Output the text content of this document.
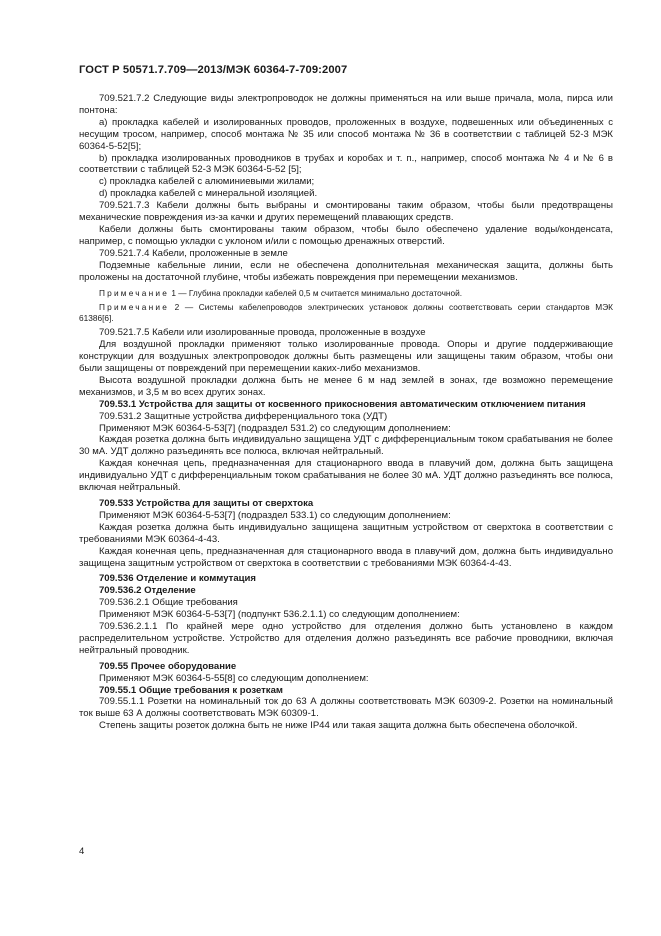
ГОСТ Р 50571.7.709—2013/МЭК 60364-7-709:2007

709.521.7.2 Следующие виды электропроводок не должны применяться на или выше причала, мола, пирса или понтона:

а) прокладка кабелей и изолированных проводов, проложенных в воздухе, подвешенных или объединенных с несущим тросом, например, способ монтажа № 35 или способ монтажа № 36 в соответствии с таблицей 52-3 МЭК 60364-5-52[5];

b) прокладка изолированных проводников в трубах и коробах и т. п., например, способ монтажа № 4 и № 6 в соответствии с таблицей 52-3 МЭК 60364-5-52 [5];

с) прокладка кабелей с алюминиевыми жилами;

d) прокладка кабелей с минеральной изоляцией.

709.521.7.3 Кабели должны быть выбраны и смонтированы таким образом, чтобы были предотвращены механические повреждения из-за качки и других перемещений плавающих средств.

Кабели должны быть смонтированы таким образом, чтобы было обеспечено удаление воды/конденсата, например, с помощью укладки с уклоном и/или с помощью дренажных отверстий.

709.521.7.4 Кабели, проложенные в земле

Подземные кабельные линии, если не обеспечена дополнительная механическая защита, должны быть проложены на достаточной глубине, чтобы избежать повреждения при перемещении механизмов.

Примечание 1 — Глубина прокладки кабелей 0,5 м считается минимально достаточной.

Примечание 2 — Системы кабелепроводов электрических установок должны соответствовать серии стандартов МЭК 61386[6].

709.521.7.5 Кабели или изолированные провода, проложенные в воздухе

Для воздушной прокладки применяют только изолированные провода. Опоры и другие поддерживающие конструкции для воздушных электропроводок должны быть размещены или защищены таким образом, чтобы они были защищены от повреждений при перемещении каких-либо механизмов.

Высота воздушной прокладки должна быть не менее 6 м над землей в зонах, где возможно перемещение механизмов, и 3,5 м во всех других зонах.

709.53.1 Устройства для защиты от косвенного прикосновения автоматическим отключением питания

709.531.2 Защитные устройства дифференциального тока (УДТ)

Применяют МЭК 60364-5-53[7] (подраздел 531.2) со следующим дополнением:

Каждая розетка должна быть индивидуально защищена УДТ с дифференциальным током срабатывания не более 30 мА. УДТ должно разъединять все полюса, включая нейтральный.

Каждая конечная цепь, предназначенная для стационарного ввода в плавучий дом, должна быть защищена индивидуально УДТ с дифференциальным током срабатывания не более 30 мА. УДТ должно разъединять все полюса, включая нейтральный.

709.533 Устройства для защиты от сверхтока

Применяют МЭК 60364-5-53[7] (подраздел 533.1) со следующим дополнением:

Каждая розетка должна быть индивидуально защищена защитным устройством от сверхтока в соответствии с требованиями МЭК 60364-4-43.

Каждая конечная цепь, предназначенная для стационарного ввода в плавучий дом, должна быть индивидуально защищена защитным устройством от сверхтока в соответствии с требованиями МЭК 60364-4-43.

709.536 Отделение и коммутация

709.536.2 Отделение

709.536.2.1 Общие требования

Применяют МЭК 60364-5-53[7] (подпункт 536.2.1.1) со следующим дополнением:

709.536.2.1.1 По крайней мере одно устройство для отделения должно быть установлено в каждом распределительном устройстве. Устройство для отделения должно разъединять все рабочие проводники, включая нейтральный проводник.

709.55 Прочее оборудование

Применяют МЭК 60364-5-55[8] со следующим дополнением:

709.55.1 Общие требования к розеткам

709.55.1.1 Розетки на номинальный ток до 63 А должны соответствовать МЭК 60309-2. Розетки на номинальный ток выше 63 А должны соответствовать МЭК 60309-1.

Степень защиты розеток должна быть не ниже IP44 или такая защита должна быть обеспечена оболочкой.

4
